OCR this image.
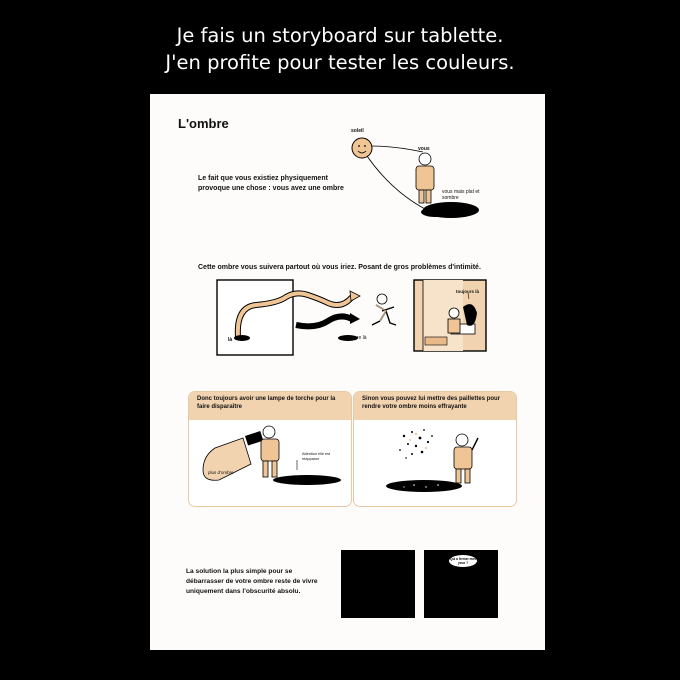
Je fais un storyboard sur tablette.
J'en profite pour tester les couleurs.
L'ombre
Le fait que vous existiez physiquement provoque une chose : vous avez une ombre
soleil
vous
vous mais plat et sombre
Cette ombre vous suivera partout où vous iriez. Posant de gros problèmes d'intimité.
là	encore là
toujours là
Donc toujours avoir une lampe de torche pour la faire disparaître
Attention elle est réapparue
plus d'ombre
Sinon vous pouvez lui mettre des paillettes pour rendre votre ombre moins effrayante
La solution la plus simple pour se débarrasser de votre ombre reste de vivre uniquement dans l'obscurité absolu.
Qui a fermer mes yeux ?
